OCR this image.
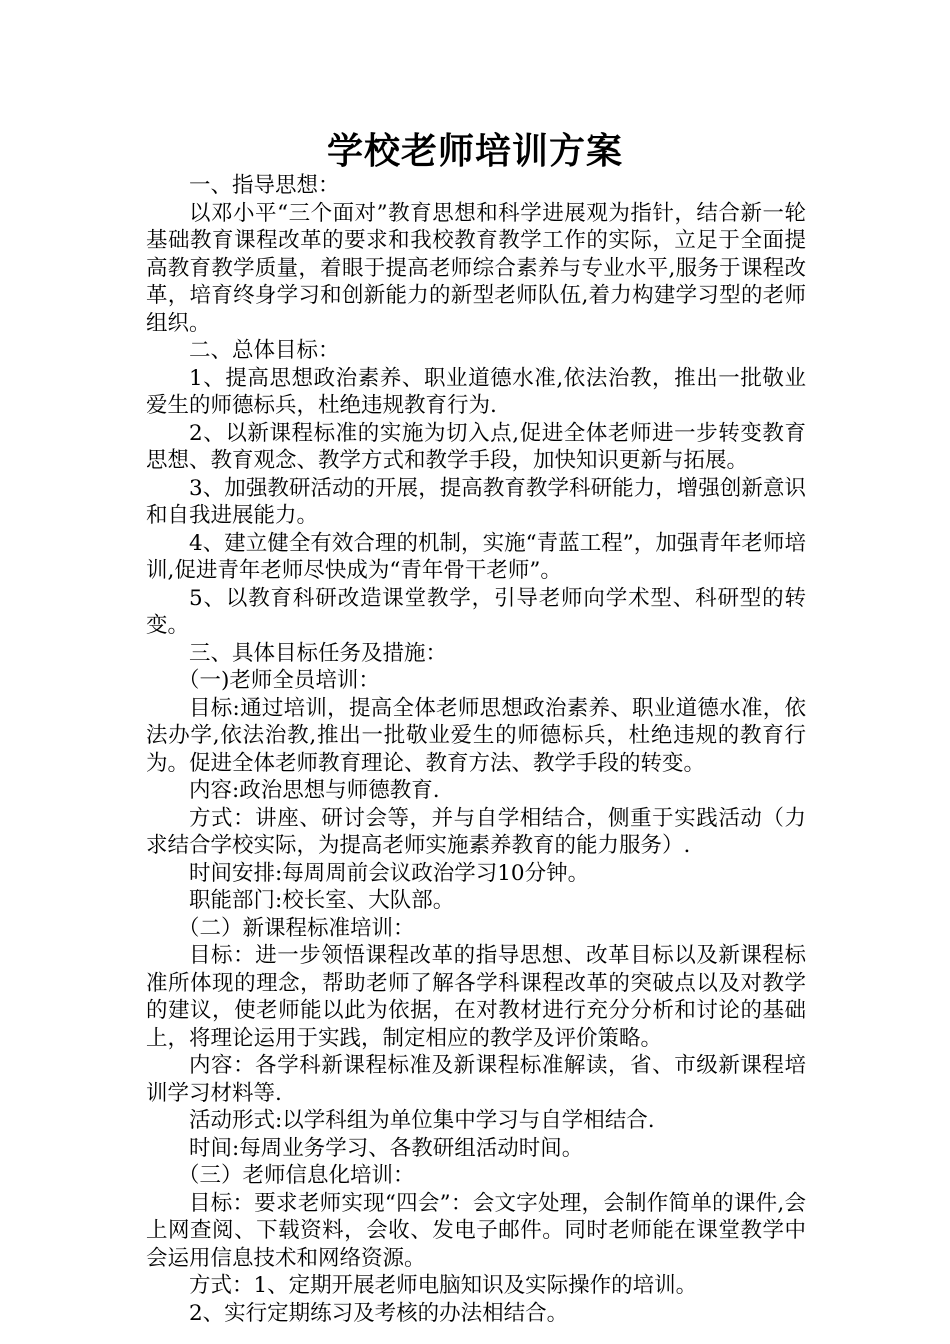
学校老师培训方案

一、指导思想：

以邓小平“三个面对”教育思想和科学进展观为指针，结合新一轮基础教育课程改革的要求和我校教育教学工作的实际，立足于全面提高教育教学质量，着眼于提高老师综合素养与专业水平,服务于课程改革，培育终身学习和创新能力的新型老师队伍,着力构建学习型的老师组织。

二、总体目标：

1、提高思想政治素养、职业道德水准,依法治教，推出一批敬业爱生的师德标兵，杜绝违规教育行为.

2、以新课程标准的实施为切入点,促进全体老师进一步转变教育思想、教育观念、教学方式和教学手段，加快知识更新与拓展。

3、加强教研活动的开展，提高教育教学科研能力，增强创新意识和自我进展能力。

4、建立健全有效合理的机制，实施“青蓝工程”，加强青年老师培训,促进青年老师尽快成为“青年骨干老师”。

5、以教育科研改造课堂教学，引导老师向学术型、科研型的转变。

三、具体目标任务及措施：

（一)老师全员培训：

目标:通过培训，提高全体老师思想政治素养、职业道德水准，依法办学,依法治教,推出一批敬业爱生的师德标兵，杜绝违规的教育行为。促进全体老师教育理论、教育方法、教学手段的转变。

内容:政治思想与师德教育.

方式：讲座、研讨会等，并与自学相结合，侧重于实践活动（力求结合学校实际，为提高老师实施素养教育的能力服务）.

时间安排:每周周前会议政治学习10分钟。

职能部门:校长室、大队部。

（二）新课程标准培训：

目标：进一步领悟课程改革的指导思想、改革目标以及新课程标准所体现的理念，帮助老师了解各学科课程改革的突破点以及对教学的建议，使老师能以此为依据，在对教材进行充分分析和讨论的基础上，将理论运用于实践，制定相应的教学及评价策略。

内容：各学科新课程标准及新课程标准解读，省、市级新课程培训学习材料等.

活动形式:以学科组为单位集中学习与自学相结合.

时间:每周业务学习、各教研组活动时间。

（三）老师信息化培训：

目标：要求老师实现“四会”：会文字处理，会制作简单的课件,会上网查阅、下载资料，会收、发电子邮件。同时老师能在课堂教学中会运用信息技术和网络资源。

方式：1、定期开展老师电脑知识及实际操作的培训。

2、实行定期练习及考核的办法相结合。
